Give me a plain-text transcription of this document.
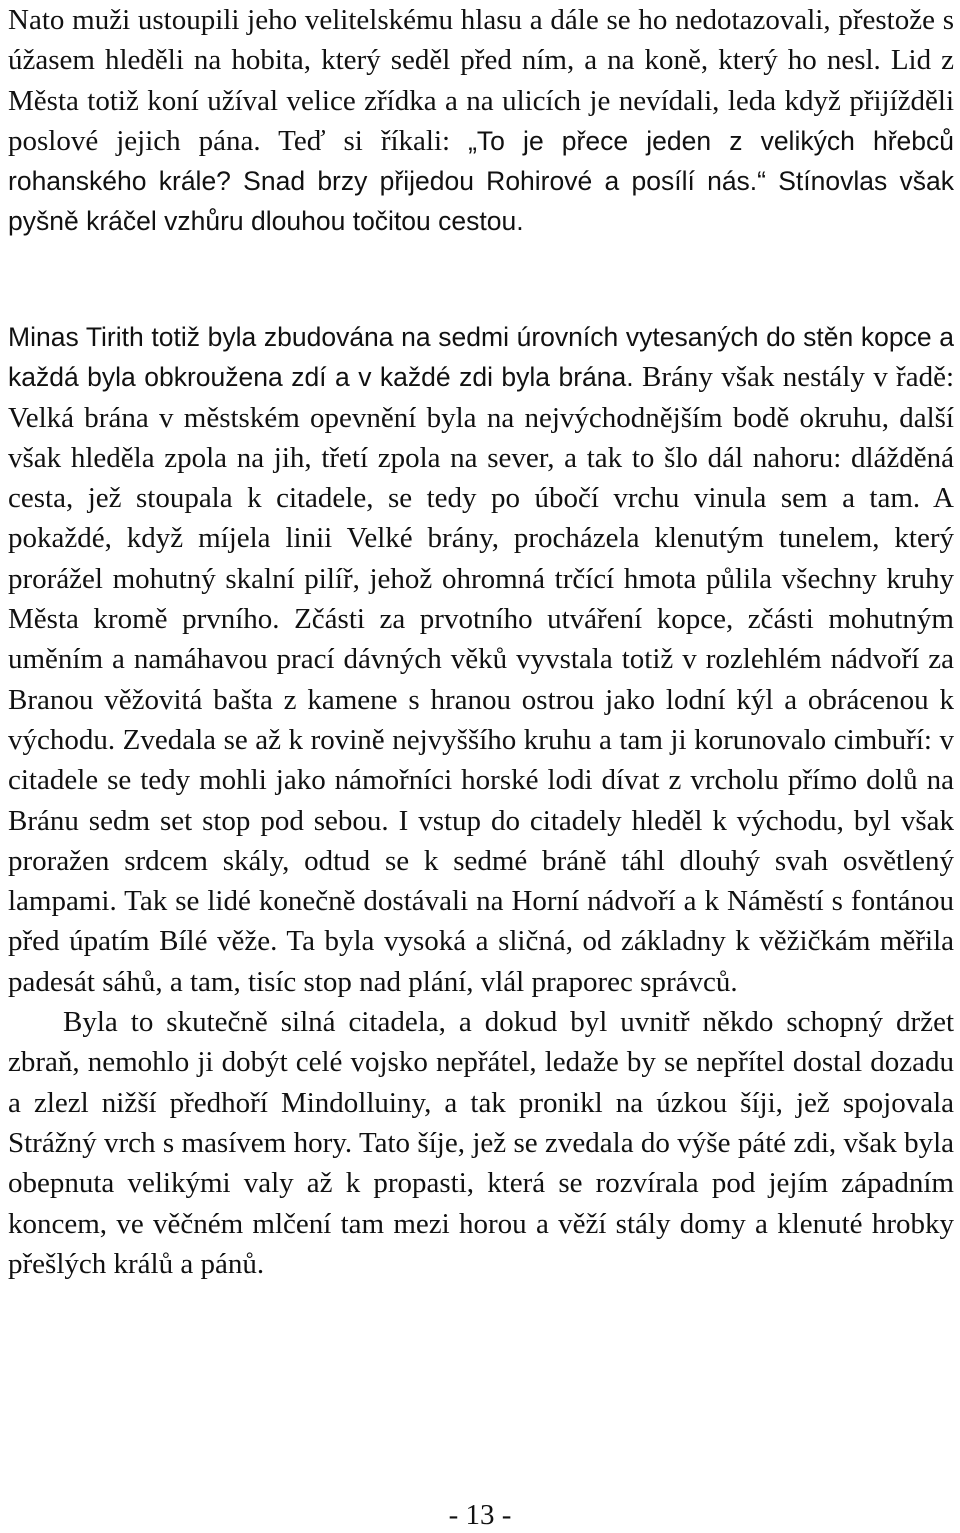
Nato muži ustoupili jeho velitelskému hlasu a dále se ho nedotazovali, přestože s úžasem hleděli na hobita, který seděl před ním, a na koně, který ho nesl. Lid z Města totiž koní užíval velice zřídka a na ulicích je nevídali, leda když přijížděli poslové jejich pána. Teď si říkali: „To je přece jeden z velikých hřebců rohanského krále? Snad brzy přijedou Rohirové a posílí nás.“ Stínovlas však pyšně kráčel vzhůru dlouhou točitou cestou.

Minas Tirith totiž byla zbudována na sedmi úrovních vytesaných do stěn kopce a každá byla obkroužena zdí a v každé zdi byla brána. Brány však nestály v řadě: Velká brána v městském opevnění byla na nejvýchodnějším bodě okruhu, další však hleděla zpola na jih, třetí zpola na sever, a tak to šlo dál nahoru: dlážděná cesta, jež stoupala k citadele, se tedy po úbočí vrchu vinula sem a tam. A pokaždé, když míjela linii Velké brány, procházela klenutým tunelem, který prorážel mohutný skalní pilíř, jehož ohromná trčící hmota půlila všechny kruhy Města kromě prvního. Zčásti za prvotního utváření kopce, zčásti mohutným uměním a namáhavou prací dávných věků vyvstala totiž v rozlehlém nádvoří za Branou věžovitá bašta z kamene s hranou ostrou jako lodní kýl a obrácenou k východu. Zvedala se až k rovině nejvyššího kruhu a tam ji korunovalo cimbuří: v citadele se tedy mohli jako námořníci horské lodi dívat z vrcholu přímo dolů na Bránu sedm set stop pod sebou. I vstup do citadely hleděl k východu, byl však proražen srdcem skály, odtud se k sedmé bráně táhl dlouhý svah osvětlený lampami. Tak se lidé konečně dostávali na Horní nádvoří a k Náměstí s fontánou před úpatím Bílé věže. Ta byla vysoká a sličná, od základny k věžičkám měřila padesát sáhů, a tam, tisíc stop nad plání, vlál praporec správců.

Byla to skutečně silná citadela, a dokud byl uvnitř někdo schopný držet zbraň, nemohlo ji dobýt celé vojsko nepřátel, ledaže by se nepřítel dostal dozadu a zlezl nižší předhoří Mindolluiny, a tak pronikl na úzkou šíji, jež spojovala Strážný vrch s masívem hory. Tato šíje, jež se zvedala do výše páté zdi, však byla obepnuta velikými valy až k propasti, která se rozvírala pod jejím západním koncem, ve věčném mlčení tam mezi horou a věží stály domy a klenuté hrobky přešlých králů a pánů.

- 13 -
